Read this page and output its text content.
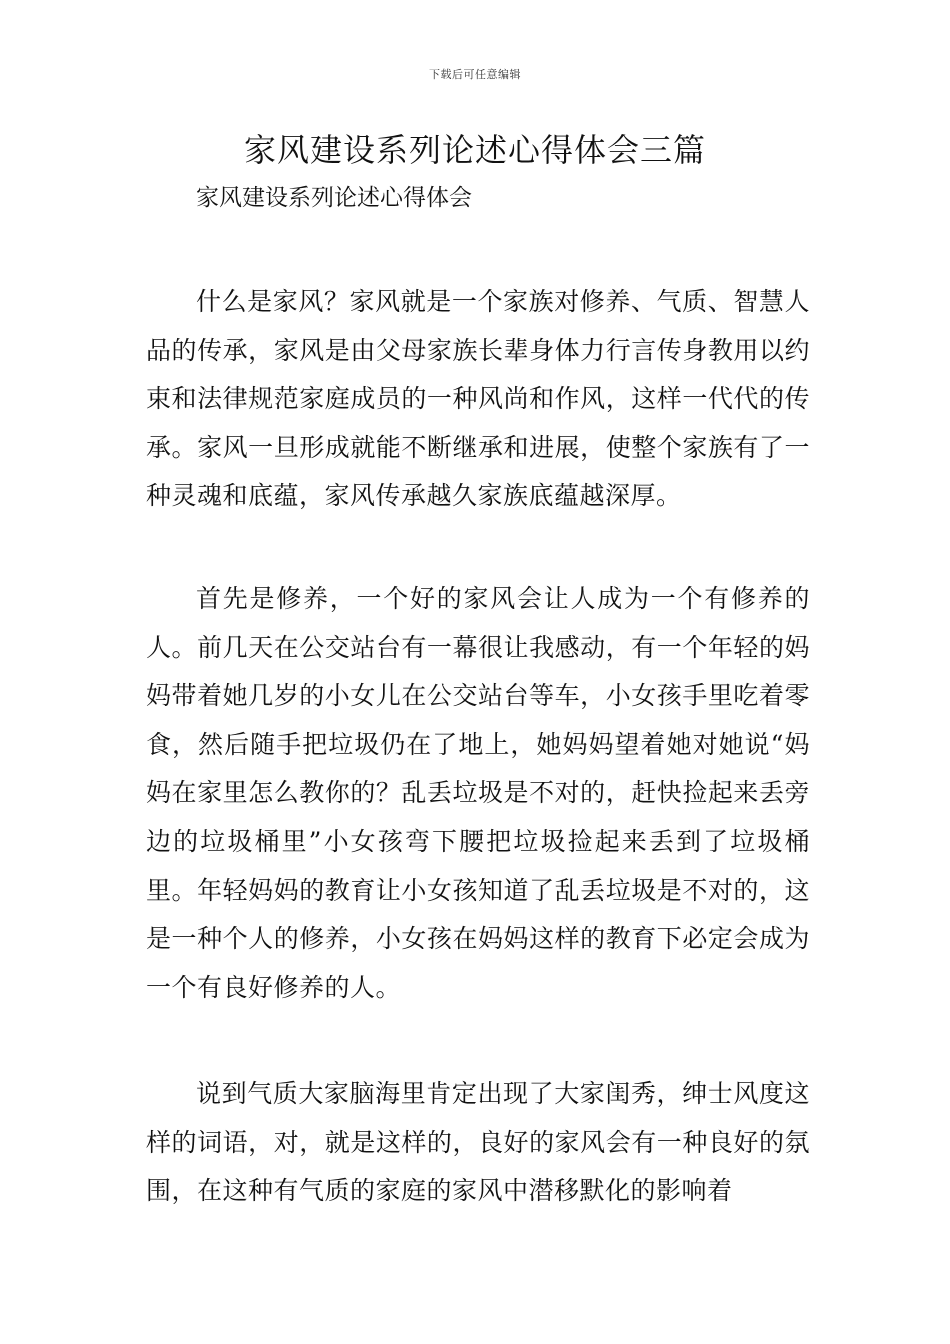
下载后可任意编辑
家风建设系列论述心得体会三篇

家风建设系列论述心得体会

什么是家风？家风就是一个家族对修养、气质、智慧人品的传承，家风是由父母家族长辈身体力行言传身教用以约束和法律规范家庭成员的一种风尚和作风，这样一代代的传承。家风一旦形成就能不断继承和进展，使整个家族有了一种灵魂和底蕴，家风传承越久家族底蕴越深厚。

首先是修养，一个好的家风会让人成为一个有修养的人。前几天在公交站台有一幕很让我感动，有一个年轻的妈妈带着她几岁的小女儿在公交站台等车，小女孩手里吃着零食，然后随手把垃圾仍在了地上，她妈妈望着她对她说“妈妈在家里怎么教你的？乱丢垃圾是不对的，赶快捡起来丢旁边的垃圾桶里”小女孩弯下腰把垃圾捡起来丢到了垃圾桶里。年轻妈妈的教育让小女孩知道了乱丢垃圾是不对的，这是一种个人的修养，小女孩在妈妈这样的教育下必定会成为一个有良好修养的人。

说到气质大家脑海里肯定出现了大家闺秀，绅士风度这样的词语，对，就是这样的，良好的家风会有一种良好的氛围，在这种有气质的家庭的家风中潜移默化的影响着
